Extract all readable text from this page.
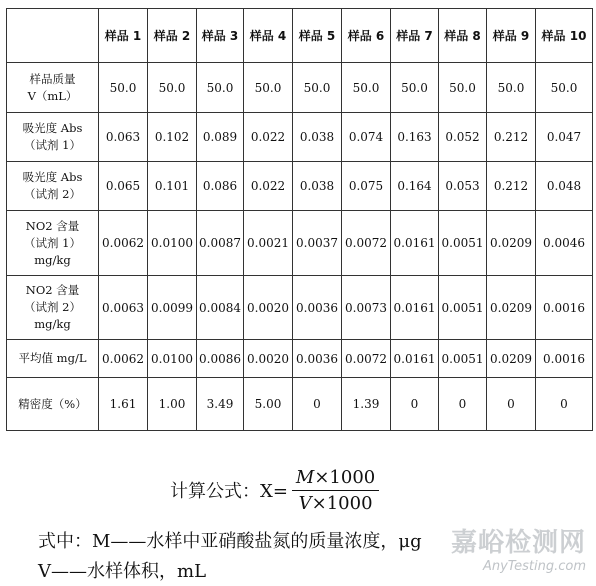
	样品 1	样品 2	样品 3	样品 4	样品 5	样品 6	样品 7	样品 8	样品 9	样品 10

样品质量
V（mL）	50.0	50.0	50.0	50.0	50.0	50.0	50.0	50.0	50.0	50.0

吸光度 Abs
（试剂 1）	0.063	0.102	0.089	0.022	0.038	0.074	0.163	0.052	0.212	0.047

吸光度 Abs
（试剂 2）	0.065	0.101	0.086	0.022	0.038	0.075	0.164	0.053	0.212	0.048

NO2 含量
（试剂 1）
mg/kg	0.0062	0.0100	0.0087	0.0021	0.0037	0.0072	0.0161	0.0051	0.0209	0.0046

NO2 含量
（试剂 2）
mg/kg	0.0063	0.0099	0.0084	0.0020	0.0036	0.0073	0.0161	0.0051	0.0209	0.0016

平均值 mg/L	0.0062	0.0100	0.0086	0.0020	0.0036	0.0072	0.0161	0.0051	0.0209	0.0016

精密度（%）	1.61	1.00	3.49	5.00	0	1.39	0	0	0	0
计算公式：$X= \frac{M\times 1000}{V\times 1000}$
式中：M——水样中亚硝酸盐氮的质量浓度，μg
V——水样体积，mL
嘉峪检测网
AnyTesting.com
